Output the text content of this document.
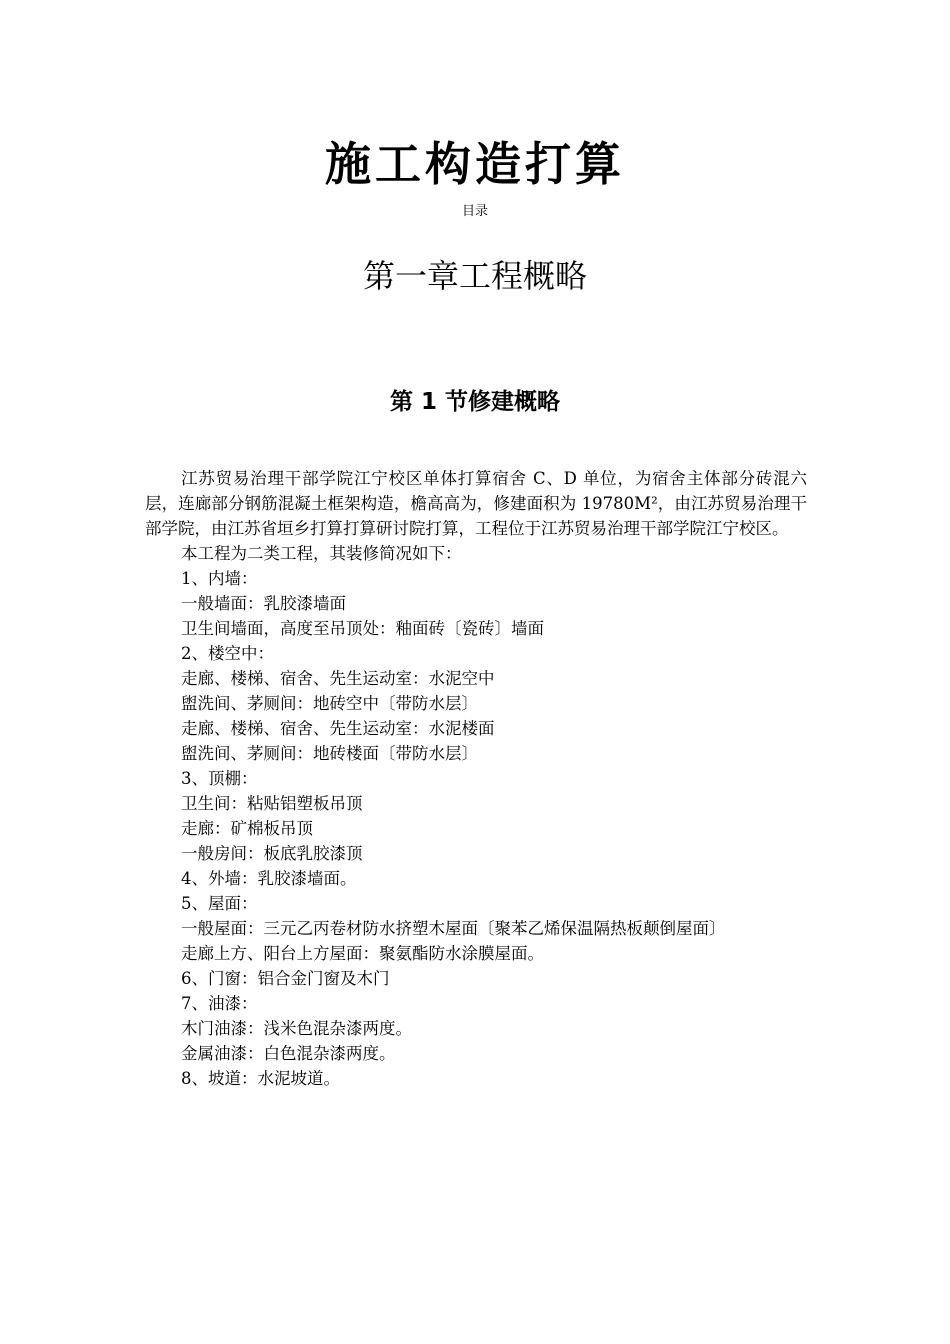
施工构造打算
目录
第一章工程概略
第 1 节修建概略

江苏贸易治理干部学院江宁校区单体打算宿舍 C、D 单位，为宿舍主体部分砖混六层，连廊部分钢筋混凝土框架构造，檐高高为，修建面积为 19780M²，由江苏贸易治理干部学院，由江苏省垣乡打算打算研讨院打算，工程位于江苏贸易治理干部学院江宁校区。

本工程为二类工程，其装修简况如下：

1、内墙：

一般墙面：乳胶漆墙面

卫生间墙面，高度至吊顶处：釉面砖〔瓷砖〕墙面

2、楼空中：

走廊、楼梯、宿舍、先生运动室：水泥空中

盥洗间、茅厕间：地砖空中〔带防水层〕

走廊、楼梯、宿舍、先生运动室：水泥楼面

盥洗间、茅厕间：地砖楼面〔带防水层〕

3、顶棚：

卫生间：粘贴铝塑板吊顶

走廊：矿棉板吊顶

一般房间：板底乳胶漆顶

4、外墙：乳胶漆墙面。

5、屋面：

一般屋面：三元乙丙卷材防水挤塑木屋面〔聚苯乙烯保温隔热板颠倒屋面〕

走廊上方、阳台上方屋面：聚氨酯防水涂膜屋面。

6、门窗：铝合金门窗及木门

7、油漆：

木门油漆：浅米色混杂漆两度。

金属油漆：白色混杂漆两度。

8、坡道：水泥坡道。
